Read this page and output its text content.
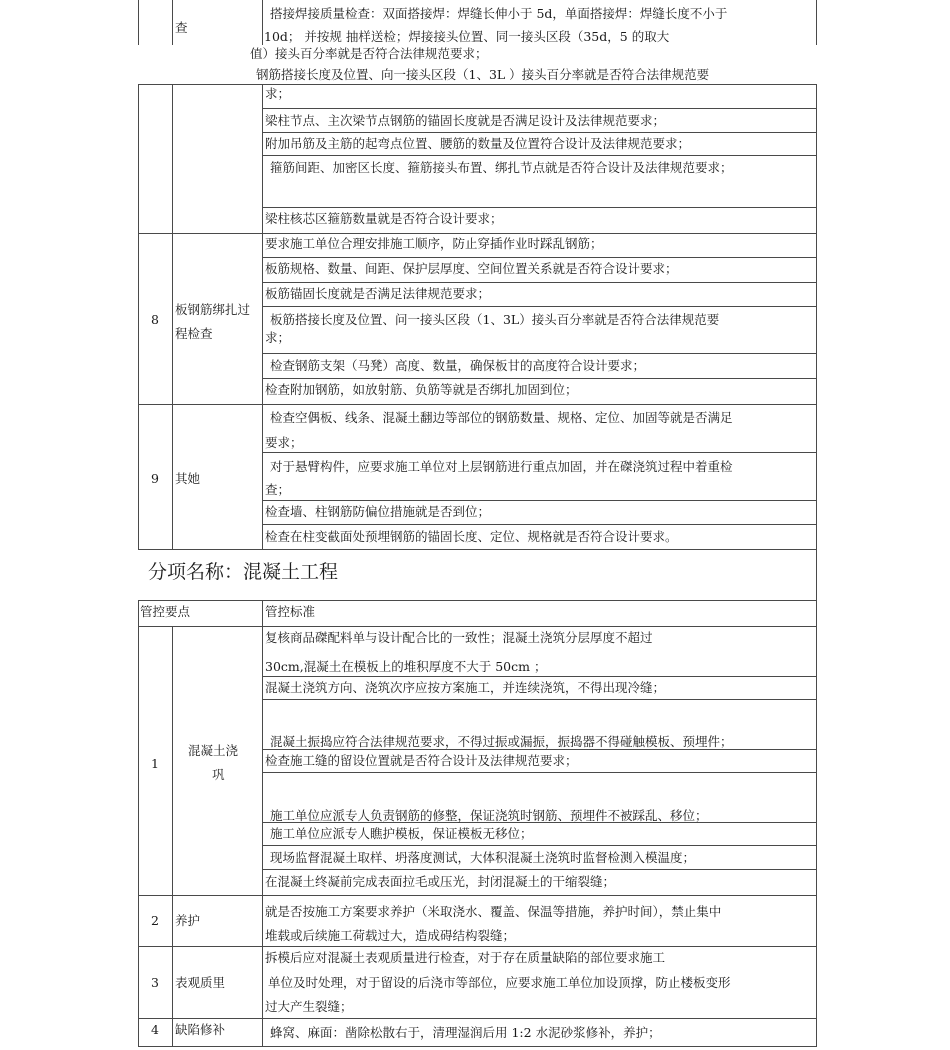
查
搭接焊接质量检查：双面搭接焊：焊缝长伸小于 5d，单面搭接焊：焊缝长度不小于
10d； 并按规 抽样送检；焊接接头位置、同一接头区段（35d，5 的取大
值）接头百分率就是否符合法律规范要求；
钢筋搭接长度及位置、向一接头区段（1、3L ）接头百分率就是否符合法律规范要
求；
梁柱节点、主次梁节点钢筋的锚固长度就是否满足设计及法律规范要求；
附加吊筋及主筋的起弯点位置、腰筋的数量及位置符合设计及法律规范要求；
箍筋间距、加密区长度、箍筋接头布置、绑扎节点就是否符合设计及法律规范要求；
梁柱核芯区箍筋数量就是否符合设计要求；
8
板钢筋绑扎过
程检查
要求施工单位合理安排施工顺序，防止穿插作业时踩乱钢筋；
板筋规格、数量、间距、保护层厚度、空间位置关系就是否符合设计要求；
板筋锚固长度就是否满足法律规范要求；
板筋搭接长度及位置、问一接头区段（1、3L）接头百分率就是否符合法律规范要
求；
检查钢筋支架（马凳）高度、数量，确保板甘的高度符合设计要求；
检查附加钢筋，如放射筋、负筋等就是否绑扎加固到位；
9 其她
检查空偶板、线条、混凝土翻边等部位的钢筋数量、规格、定位、加固等就是否满足
要求；
对于悬臂构件，应要求施工单位对上层钢筋进行重点加固，并在磔浇筑过程中着重检
查；
检查墙、柱钢筋防偏位措施就是否到位；
检查在柱变截面处预埋钢筋的锚固长度、定位、规格就是否符合设计要求。
分项名称：混凝土工程
管控要点	管控标准
1
混凝土浇
巩
复核商品磔配料单与设计配合比的一致性；混凝土浇筑分层厚度不超过
30cm,混凝土在模板上的堆积厚度不大于 50cm ；
混凝土浇筑方向、浇筑次序应按方案施工，并连续浇筑，不得出现冷缝；
混凝土振捣应符合法律规范要求，不得过振或漏振，振捣器不得碰触模板、预埋件；
检查施工缝的留设位置就是否符合设计及法律规范要求；
施工单位应派专人负责钢筋的修整，保证浇筑时钢筋、预埋件不被踩乱、移位；
施工单位应派专人瞧护模板，保证模板无移位；
现场监督混凝土取样、坍落度测试，大体积混凝土浇筑时监督检测入模温度；
在混凝土终凝前完成表面拉毛或压光，封闭混凝土的干缩裂缝；
2 养护
就是否按施工方案要求养护（米取浇水、覆盖、保温等措施，养护时间），禁止集中
堆载或后续施工荷载过大，造成碍结构裂缝；
3 表观质里
拆模后应对混凝土表观质量进行检查，对于存在质量缺陷的部位要求施工
单位及时处理，对于留设的后浇市等部位，应要求施工单位加设顶撑，防止楼板变形
过大产生裂缝；
4 缺陷修补	蜂窝、麻面：凿除松散右于，清理湿润后用 1:2 水泥砂浆修补，养护；
